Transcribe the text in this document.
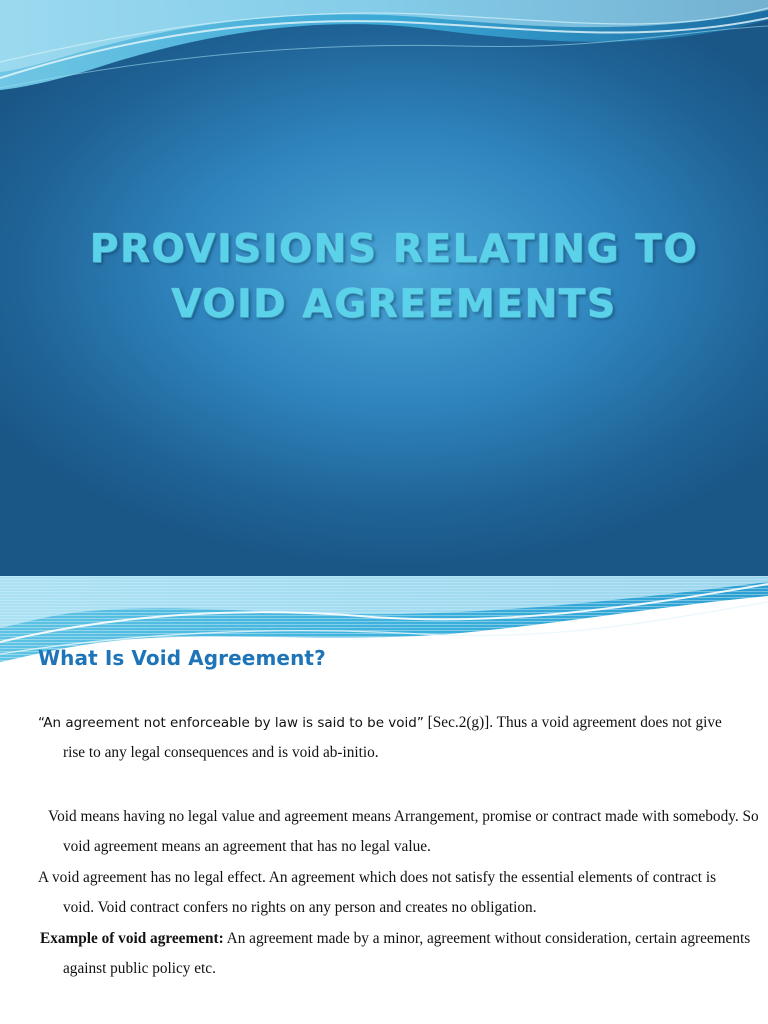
PROVISIONS RELATING TO
VOID AGREEMENTS
What Is Void Agreement?

“An agreement not enforceable by law is said to be void” [Sec.2(g)]. Thus a void agreement does not give rise to any legal consequences and is void ab-initio.

Void means having no legal value and agreement means Arrangement, promise or contract made with somebody. So void agreement means an agreement that has no legal value.

A void agreement has no legal effect. An agreement which does not satisfy the essential elements of contract is void. Void contract confers no rights on any person and creates no obligation.

Example of void agreement: An agreement made by a minor, agreement without consideration, certain agreements against public policy etc.
